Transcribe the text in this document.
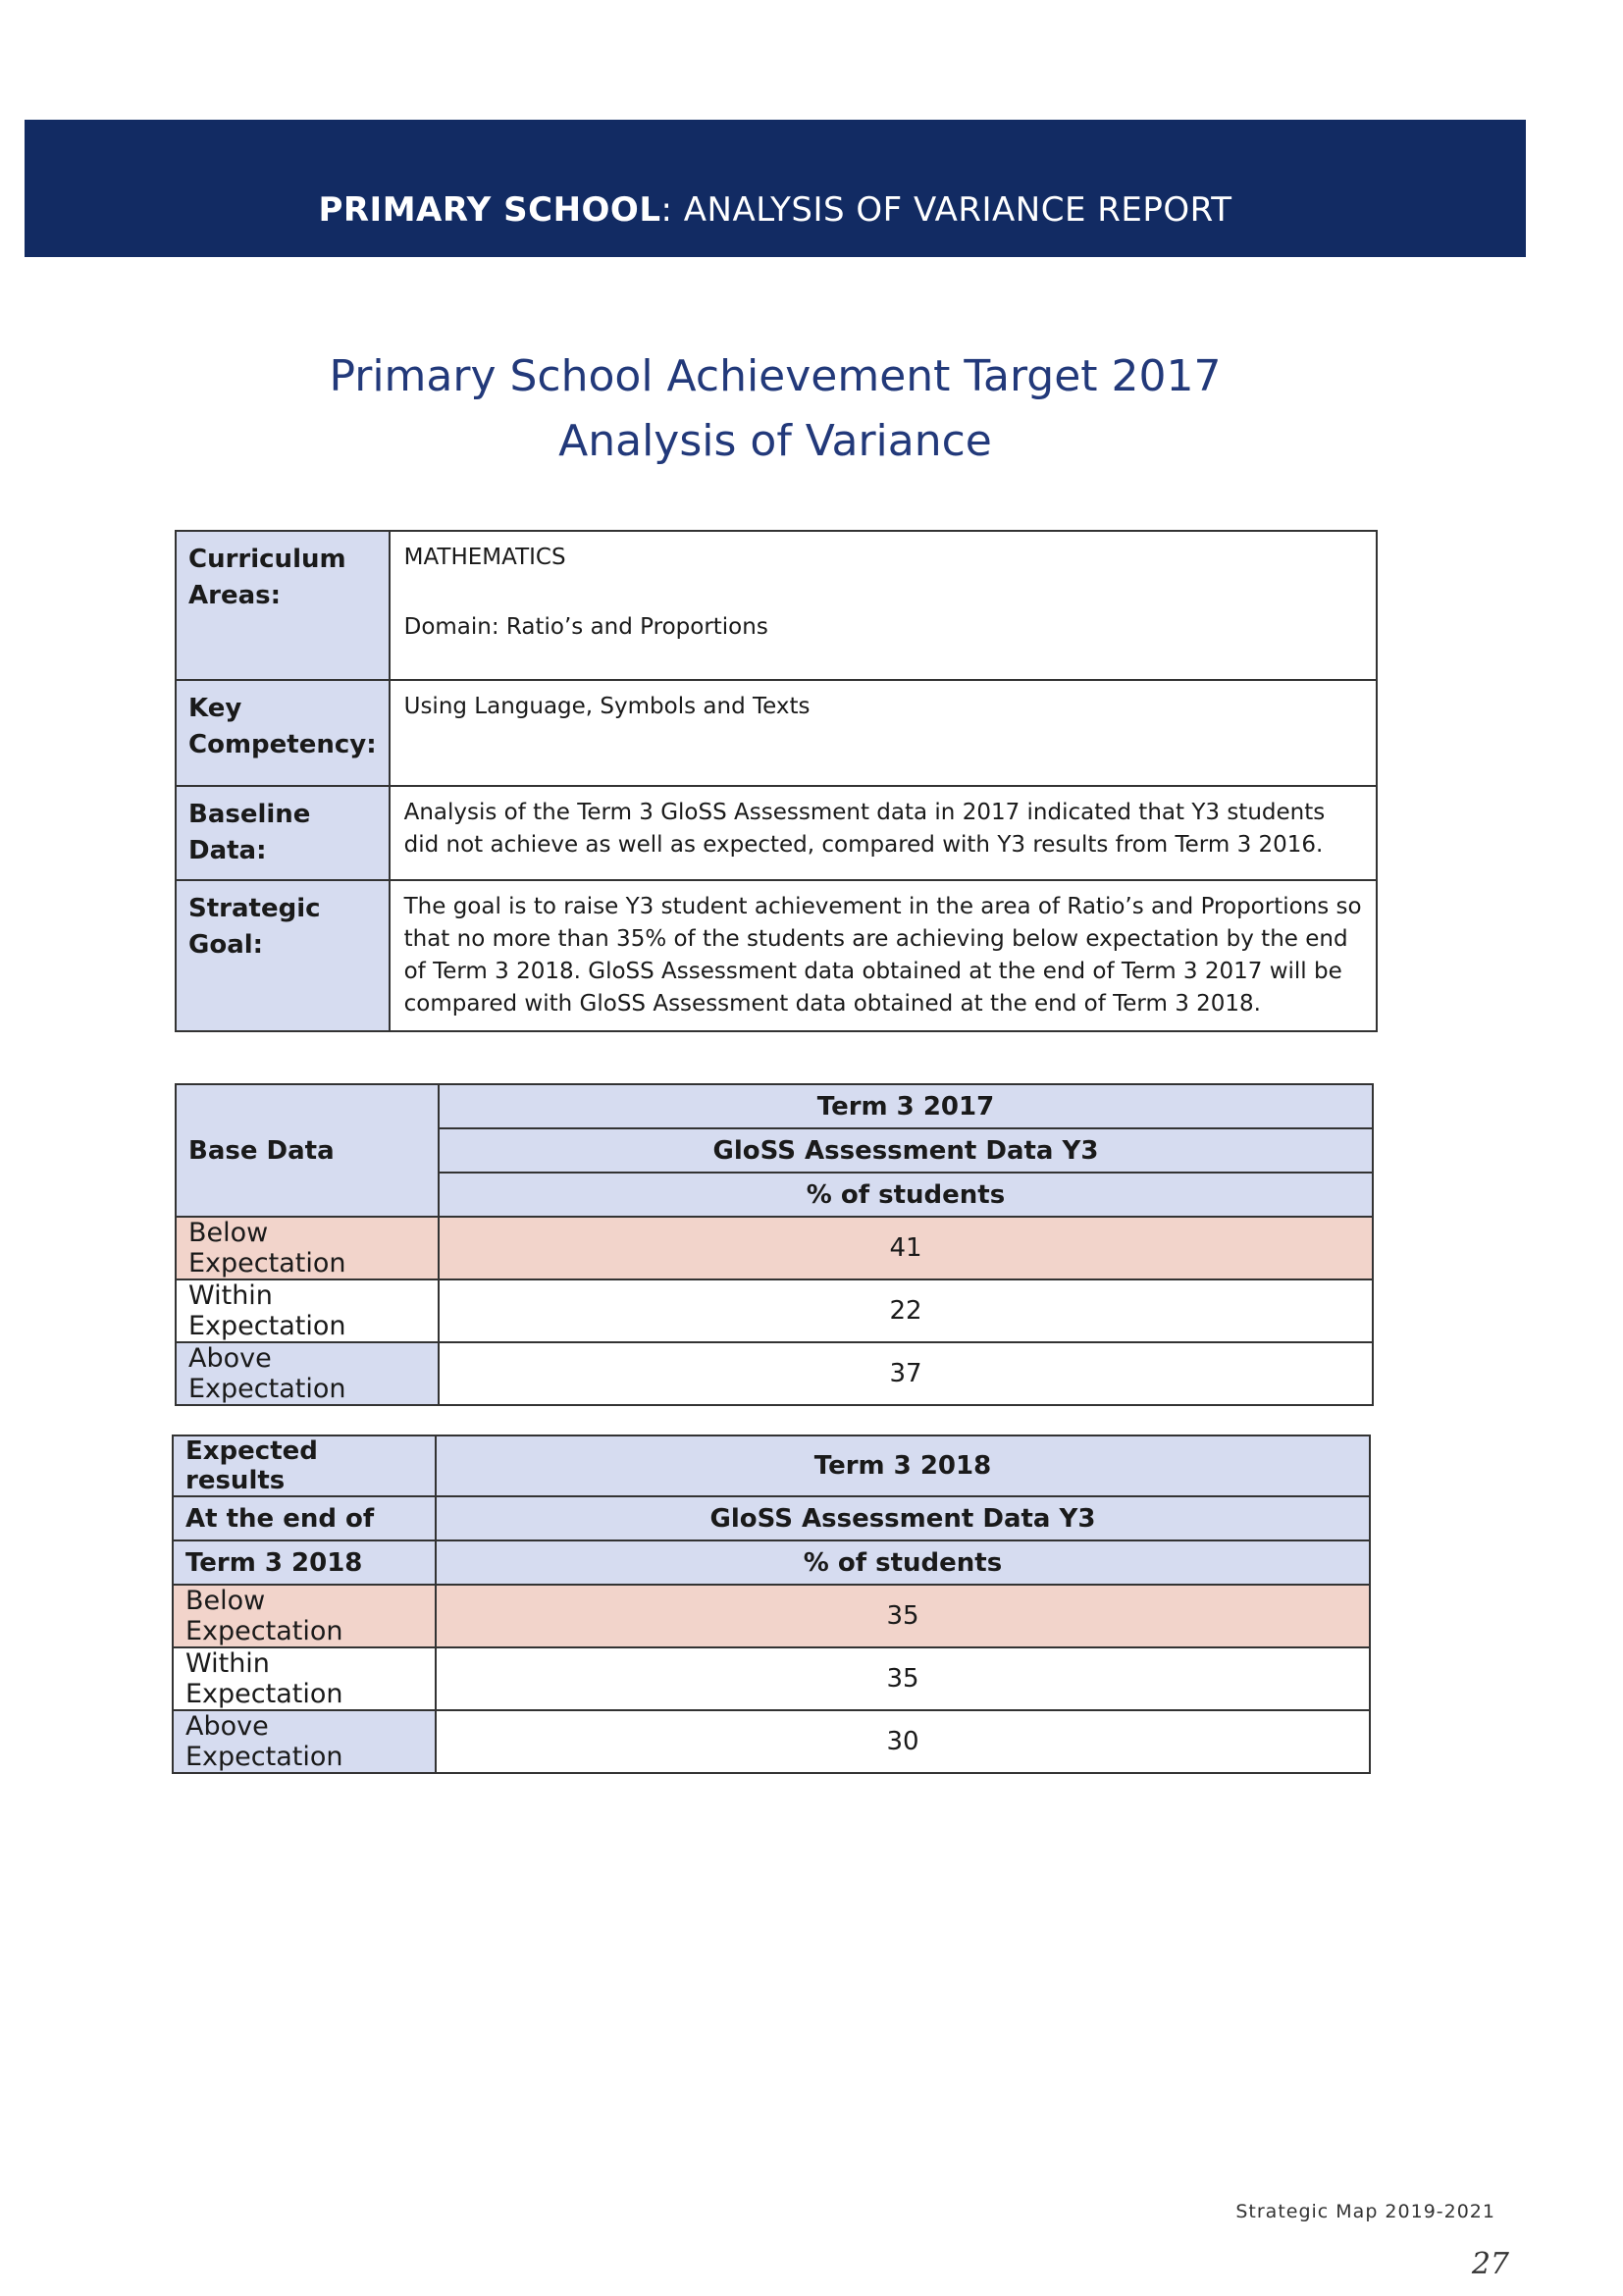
PRIMARY SCHOOL: ANALYSIS OF VARIANCE REPORT
Primary School Achievement Target 2017
Analysis of Variance
Curriculum Areas:	MATHEMATICS
Domain: Ratio’s and Proportions

Key Competency:	Using Language, Symbols and Texts
Baseline Data:	Analysis of the Term 3 GloSS Assessment data in 2017 indicated that Y3 students did not achieve as well as expected, compared with Y3 results from Term 3 2016.
Strategic Goal:	The goal is to raise Y3 student achievement in the area of Ratio’s and Proportions so that no more than 35% of the students are achieving below expectation by the end of Term 3 2018. GloSS Assessment data obtained at the end of Term 3 2017 will be compared with GloSS Assessment data obtained at the end of Term 3 2018.
Base Data	Term 3 2017
	GloSS Assessment Data Y3
	% of students
Below Expectation	41
Within Expectation	22
Above Expectation	37
Expected results	Term 3 2018
At the end of	GloSS Assessment Data Y3
Term 3 2018	% of students
Below Expectation	35
Within Expectation	35
Above Expectation	30
Strategic Map 2019-2021
27
